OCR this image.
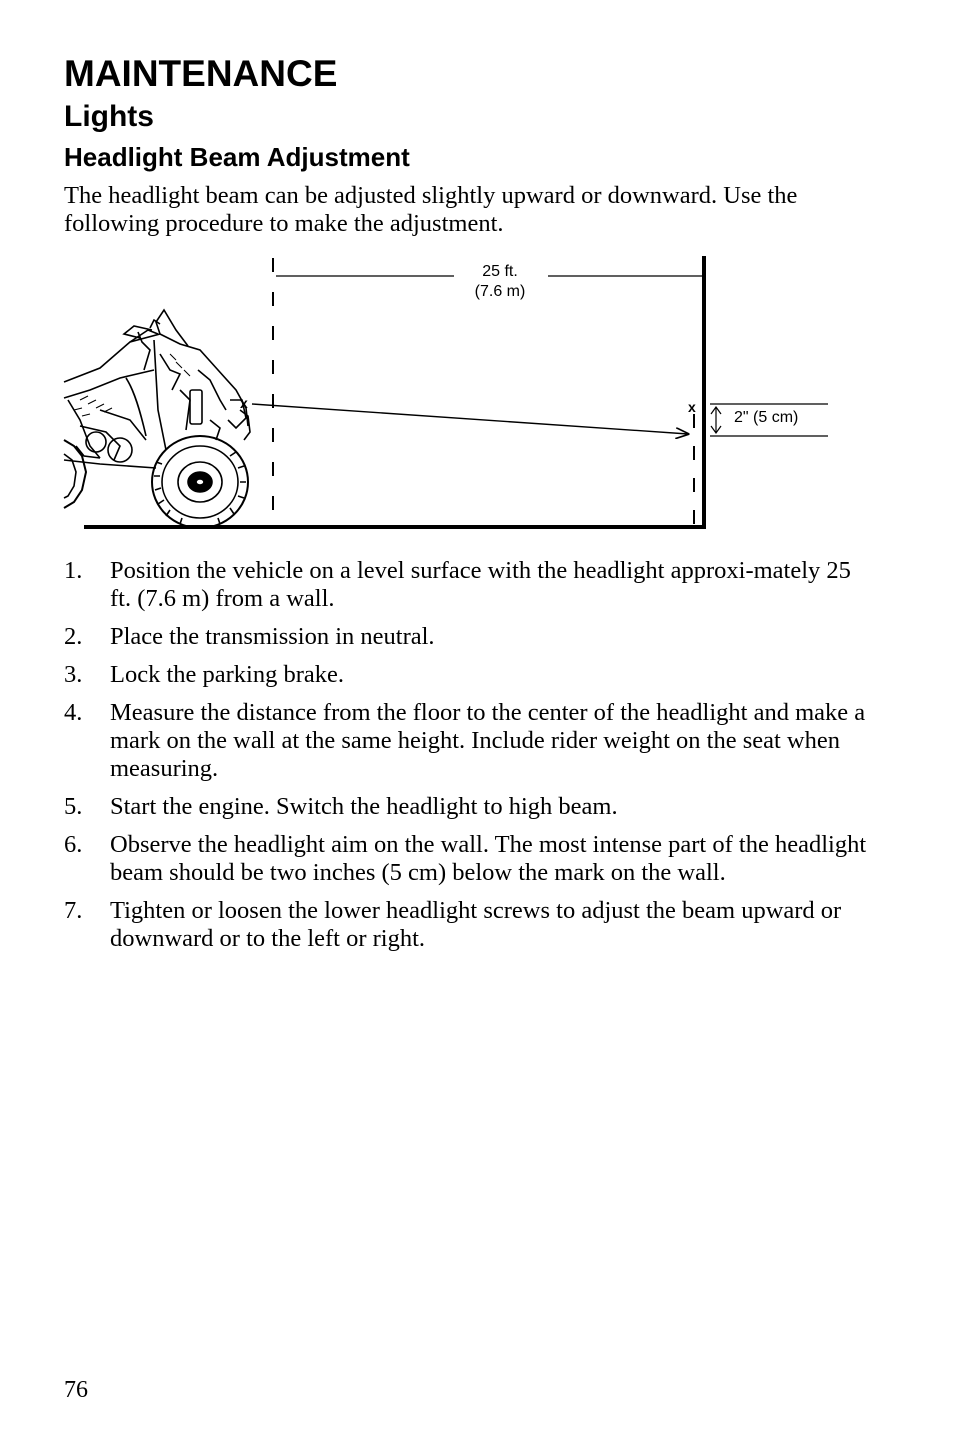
MAINTENANCE
Lights
Headlight Beam Adjustment

The headlight beam can be adjusted slightly upward or downward. Use the following procedure to make the adjustment.

25 ft.
(7.6 m)
x	x
2" (5 cm)
1. Position the vehicle on a level surface with the headlight approxi-mately 25 ft. (7.6 m) from a wall.
2. Place the transmission in neutral.
3. Lock the parking brake.
4. Measure the distance from the floor to the center of the headlight and make a mark on the wall at the same height. Include rider weight on the seat when measuring.
5. Start the engine. Switch the headlight to high beam.
6. Observe the headlight aim on the wall. The most intense part of the headlight beam should be two inches (5 cm) below the mark on the wall.
7. Tighten or loosen the lower headlight screws to adjust the beam upward or downward or to the left or right.
76
